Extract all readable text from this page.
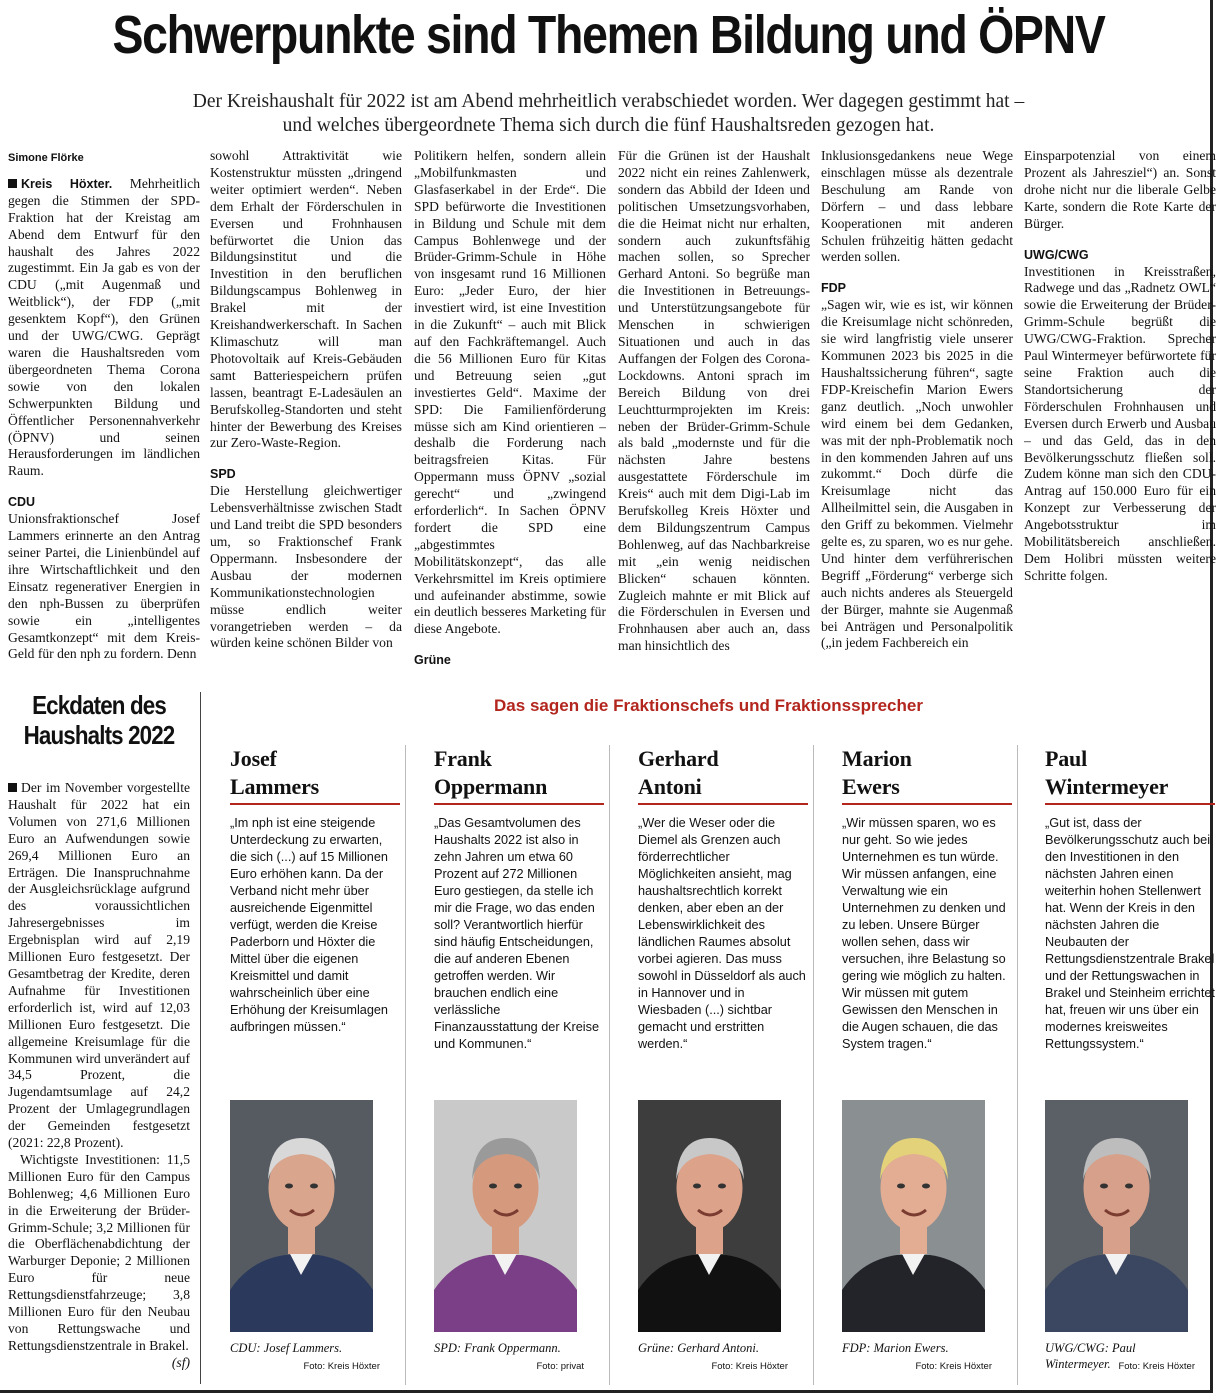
Schwerpunkte sind Themen Bildung und ÖPNV
Der Kreishaushalt für 2022 ist am Abend mehrheitlich verabschiedet worden. Wer dagegen gestimmt hat –
und welches übergeordnete Thema sich durch die fünf Haushaltsreden gezogen hat.
Simone Flörke

Kreis Höxter. Mehrheitlich gegen die Stimmen der SPD-Fraktion hat der Kreistag am Abend dem Entwurf für den haushalt des Jahres 2022 zugestimmt. Ein Ja gab es von der CDU („mit Augenmaß und Weitblick“), der FDP („mit gesenktem Kopf“), den Grünen und der UWG/CWG. Geprägt waren die Haushaltsreden vom übergeordneten Thema Corona sowie von den lokalen Schwerpunkten Bildung und Öffentlicher Personennahverkehr (ÖPNV) und seinen Herausforderungen im ländlichen Raum.

CDU

Unionsfraktionschef Josef Lammers erinnerte an den Antrag seiner Partei, die Linienbündel auf ihre Wirtschaftlichkeit und den Einsatz regenerativer Energien in den nph-Bussen zu überprüfen sowie ein „intelligentes Gesamtkonzept“ mit dem Kreis-Geld für den nph zu fordern. Denn

sowohl Attraktivität wie Kostenstruktur müssten „dringend weiter optimiert werden“. Neben dem Erhalt der Förderschulen in Eversen und Frohnhausen befürwortet die Union das Bildungsinstitut und die Investition in den beruflichen Bildungscampus Bohlenweg in Brakel mit der Kreishandwerkerschaft. In Sachen Klimaschutz will man Photovoltaik auf Kreis-Gebäuden samt Batteriespeichern prüfen lassen, beantragt E-Ladesäulen an Berufskolleg-Standorten und steht hinter der Bewerbung des Kreises zur Zero-Waste-Region.

SPD

Die Herstellung gleichwertiger Lebensverhältnisse zwischen Stadt und Land treibt die SPD besonders um, so Fraktionschef Frank Oppermann. Insbesondere der Ausbau der modernen Kommunikationstechnologien müsse endlich weiter vorangetrieben werden – da würden keine schönen Bilder von

Politikern helfen, sondern allein „Mobilfunkmasten und Glasfaserkabel in der Erde“. Die SPD befürworte die Investitionen in Bildung und Schule mit dem Campus Bohlenwege und der Brüder-Grimm-Schule in Höhe von insgesamt rund 16 Millionen Euro: „Jeder Euro, der hier investiert wird, ist eine Investition in die Zukunft“ – auch mit Blick auf den Fachkräftemangel. Auch die 56 Millionen Euro für Kitas und Betreuung seien „gut investiertes Geld“. Maxime der SPD: Die Familienförderung müsse sich am Kind orientieren – deshalb die Forderung nach beitragsfreien Kitas. Für Oppermann muss ÖPNV „sozial gerecht“ und „zwingend erforderlich“. In Sachen ÖPNV fordert die SPD eine „abgestimmtes Mobilitätskonzept“, das alle Verkehrsmittel im Kreis optimiere und aufeinander abstimme, sowie ein deutlich besseres Marketing für diese Angebote.

Grüne

Für die Grünen ist der Haushalt 2022 nicht ein reines Zahlenwerk, sondern das Abbild der Ideen und politischen Umsetzungsvorhaben, die die Heimat nicht nur erhalten, sondern auch zukunftsfähig machen sollen, so Sprecher Gerhard Antoni. So begrüße man die Investitionen in Betreuungs- und Unterstützungsangebote für Menschen in schwierigen Situationen und auch in das Auffangen der Folgen des Corona-Lockdowns. Antoni sprach im Bereich Bildung von drei Leuchtturmprojekten im Kreis: neben der Brüder-Grimm-Schule als bald „modernste und für die nächsten Jahre bestens ausgestattete Förderschule im Kreis“ auch mit dem Digi-Lab im Berufskolleg Kreis Höxter und dem Bildungszentrum Campus Bohlenweg, auf das Nachbarkreise mit „ein wenig neidischen Blicken“ schauen könnten. Zugleich mahnte er mit Blick auf die Förderschulen in Eversen und Frohnhausen aber auch an, dass man hinsichtlich des

Inklusionsgedankens neue Wege einschlagen müsse als dezentrale Beschulung am Rande von Dörfern – und dass lebbare Kooperationen mit anderen Schulen frühzeitig hätten gedacht werden sollen.

FDP

„Sagen wir, wie es ist, wir können die Kreisumlage nicht schönreden, sie wird langfristig viele unserer Kommunen 2023 bis 2025 in die Haushaltssicherung führen“, sagte FDP-Kreischefin Marion Ewers ganz deutlich. „Noch unwohler wird einem bei dem Gedanken, was mit der nph-Problematik noch in den kommenden Jahren auf uns zukommt.“ Doch dürfe die Kreisumlage nicht das Allheilmittel sein, die Ausgaben in den Griff zu bekommen. Vielmehr gelte es, zu sparen, wo es nur gehe. Und hinter dem verführerischen Begriff „Förderung“ verberge sich auch nichts anderes als Steuergeld der Bürger, mahnte sie Augenmaß bei Anträgen und Personalpolitik („in jedem Fachbereich ein

Einsparpotenzial von einem Prozent als Jahresziel“) an. Sonst drohe nicht nur die liberale Gelbe Karte, sondern die Rote Karte der Bürger.

UWG/CWG

Investitionen in Kreisstraßen, Radwege und das „Radnetz OWL“ sowie die Erweiterung der Brüder-Grimm-Schule begrüßt die UWG/CWG-Fraktion. Sprecher Paul Wintermeyer befürwortete für seine Fraktion auch die Standortsicherung der Förderschulen Frohnhausen und Eversen durch Erwerb und Ausbau – und das Geld, das in den Bevölkerungsschutz fließen soll. Zudem könne man sich den CDU-Antrag auf 150.000 Euro für ein Konzept zur Verbesserung der Angebotsstruktur im Mobilitätsbereich anschließen. Dem Holibri müssten weitere Schritte folgen.

Eckdaten des Haushalts 2022
Der im November vorgestellte Haushalt für 2022 hat ein Volumen von 271,6 Millionen Euro an Aufwendungen sowie 269,4 Millionen Euro an Erträgen. Die Inanspruchnahme der Ausgleichsrücklage aufgrund des voraussichtlichen Jahresergebnisses im Ergebnisplan wird auf 2,19 Millionen Euro festgesetzt. Der Gesamtbetrag der Kredite, deren Aufnahme für Investitionen erforderlich ist, wird auf 12,03 Millionen Euro festgesetzt. Die allgemeine Kreisumlage für die Kommunen wird unverändert auf 34,5 Prozent, die Jugendamtsumlage auf 24,2 Prozent der Umlagegrundlagen der Gemeinden festgesetzt (2021: 22,8 Prozent).
Wichtigste Investitionen: 11,5 Millionen Euro für den Campus Bohlenweg; 4,6 Millionen Euro in die Erweiterung der Brüder-Grimm-Schule; 3,2 Millionen für die Oberflächenabdichtung der Warburger Deponie; 2 Millionen Euro für neue Rettungsdienstfahrzeuge; 3,8 Millionen Euro für den Neubau von Rettungswache und Rettungsdienstzentrale in Brakel.
(sf)
Das sagen die Fraktionschefs und Fraktionssprecher
Josef
Lammers
„Im nph ist eine steigende Unterdeckung zu erwarten, die sich (...) auf 15 Millionen Euro erhöhen kann. Da der Verband nicht mehr über ausreichende Eigenmittel verfügt, werden die Kreise Paderborn und Höxter die Mittel über die eigenen Kreismittel und damit wahrscheinlich über eine Erhöhung der Kreisumlagen aufbringen müssen.“
CDU: Josef Lammers.
Foto: Kreis Höxter
Frank
Oppermann
„Das Gesamtvolumen des Haushalts 2022 ist also in zehn Jahren um etwa 60 Prozent auf 272 Millionen Euro gestiegen, da stelle ich mir die Frage, wo das enden soll? Verantwortlich hierfür sind häufig Entscheidungen, die auf anderen Ebenen getroffen werden. Wir brauchen endlich eine verlässliche Finanzausstattung der Kreise und Kommunen.“
SPD: Frank Oppermann.
Foto: privat
Gerhard
Antoni
„Wer die Weser oder die Diemel als Grenzen auch förderrechtlicher Möglichkeiten ansieht, mag haushaltsrechtlich korrekt denken, aber eben an der Lebenswirklichkeit des ländlichen Raumes absolut vorbei agieren. Das muss sowohl in Düsseldorf als auch in Hannover und in Wiesbaden (...) sichtbar gemacht und erstritten werden.“
Grüne: Gerhard Antoni.
Foto: Kreis Höxter
Marion
Ewers
„Wir müssen sparen, wo es nur geht. So wie jedes Unternehmen es tun würde. Wir müssen anfangen, eine Verwaltung wie ein Unternehmen zu denken und zu leben. Unsere Bürger wollen sehen, dass wir versuchen, ihre Belastung so gering wie möglich zu halten. Wir müssen mit gutem Gewissen den Menschen in die Augen schauen, die das System tragen.“
FDP: Marion Ewers.
Foto: Kreis Höxter
Paul
Wintermeyer
„Gut ist, dass der Bevölkerungsschutz auch bei den Investitionen in den nächsten Jahren einen weiterhin hohen Stellenwert hat. Wenn der Kreis in den nächsten Jahren die Neubauten der Rettungsdienstzentrale Brakel und der Rettungswachen in Brakel und Steinheim errichtet hat, freuen wir uns über ein modernes kreisweites Rettungssystem.“
UWG/CWG: Paul Wintermeyer. Foto: Kreis Höxter
